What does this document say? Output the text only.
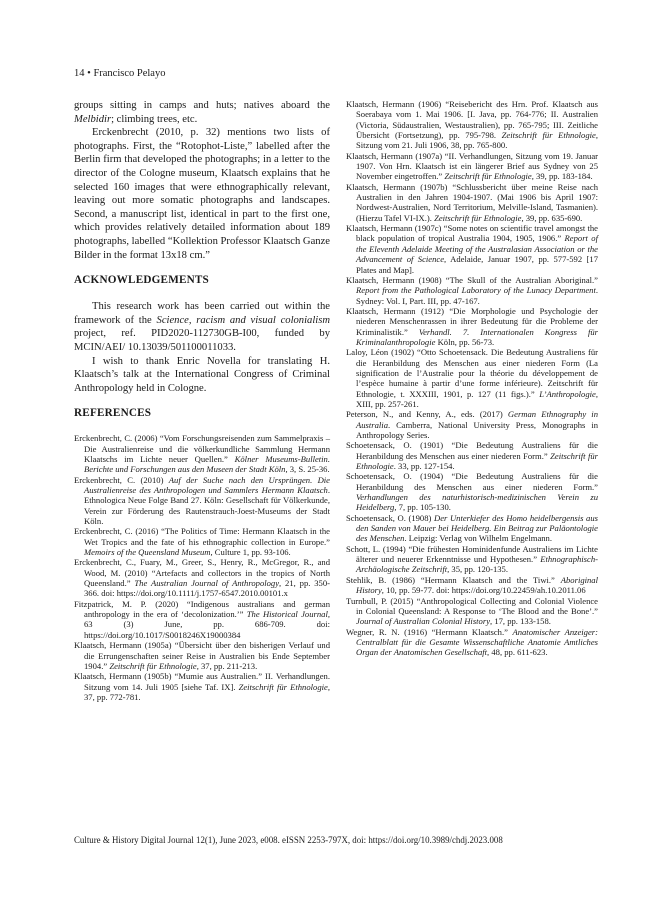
14 • Francisco Pelayo

groups sitting in camps and huts; natives aboard the Melbidir; climbing trees, etc.

Erckenbrecht (2010, p. 32) mentions two lists of photographs. First, the “Rotophot-Liste,” labelled after the Berlin firm that developed the photographs; in a letter to the director of the Cologne museum, Klaatsch explains that he selected 160 images that were ethnographically relevant, leaving out more somatic photographs and landscapes. Second, a manuscript list, identical in part to the first one, which provides relatively detailed information about 189 photographs, labelled “Kollektion Professor Klaatsch Ganze Bilder in the format 13x18 cm.”

ACKNOWLEDGEMENTS

This research work has been carried out within the framework of the Science, racism and visual colonialism project, ref. PID2020-112730GB-I00, funded by MCIN/AEI/ 10.13039/501100011033.

I wish to thank Enric Novella for translating H. Klaatsch’s talk at the International Congress of Criminal Anthropology held in Cologne.

REFERENCES

Erckenbrecht, C. (2006) “Vom Forschungsreisenden zum Sammelpraxis – Die Australienreise und die völkerkundliche Sammlung Hermann Klaatschs im Lichte neuer Quellen.” Kölner Museums-Bulletin. Berichte und Forschungen aus den Museen der Stadt Köln, 3, S. 25-36.

Erckenbrecht, C. (2010) Auf der Suche nach den Ursprüngen. Die Australienreise des Anthropologen und Sammlers Hermann Klaatsch. Ethnologica Neue Folge Band 27. Köln: Gesellschaft für Völkerkunde, Verein zur Förderung des Rautenstrauch-Joest-Museums der Stadt Köln.

Erckenbrecht, C. (2016) “The Politics of Time: Hermann Klaatsch in the Wet Tropics and the fate of his ethnographic collection in Europe.” Memoirs of the Queensland Museum, Culture 1, pp. 93-106.

Erckenbrecht, C., Fuary, M., Greer, S., Henry, R., McGregor, R., and Wood, M. (2010) “Artefacts and collectors in the tropics of North Queensland.” The Australian Journal of Anthropology, 21, pp. 350-366. doi: https://doi.org/10.1111/j.1757-6547.2010.00101.x

Fitzpatrick, M. P. (2020) “Indigenous australians and german anthropology in the era of ‘decolonization.’” The Historical Journal, 63 (3) June, pp. 686-709. doi: https://doi.org/10.1017/S0018246X19000384

Klaatsch, Hermann (1905a) “Übersicht über den bisherigen Verlauf und die Errungenschaften seiner Reise in Australien bis Ende September 1904.” Zeitschrift für Ethnologie, 37, pp. 211-213.

Klaatsch, Hermann (1905b) “Mumie aus Australien.” II. Verhandlungen. Sitzung vom 14. Juli 1905 [siehe Taf. IX]. Zeitschrift für Ethnologie, 37, pp. 772-781.

Klaatsch, Hermann (1906) “Reisebericht des Hrn. Prof. Klaatsch aus Soerabaya vom 1. Mai 1906. [I. Java, pp. 764-776; II. Australien (Victoria, Südaustralien, Westaustralien), pp. 765-795; III. Zeitliche Übersicht (Fortsetzung), pp. 795-798. Zeitschrift für Ethnologie, Sitzung vom 21. Juli 1906, 38, pp. 765-800.

Klaatsch, Hermann (1907a) “II. Verhandlungen, Sitzung vom 19. Januar 1907. Von Hrn. Klaatsch ist ein längerer Brief aus Sydney von 25 November eingetroffen.” Zeitschrift für Ethnologie, 39, pp. 183-184.

Klaatsch, Hermann (1907b) “Schlussbericht über meine Reise nach Australien in den Jahren 1904-1907. (Mai 1906 bis April 1907: Nordwest-Australien, Nord Territorium, Melville-Island, Tasmanien). (Hierzu Tafel VI-IX.). Zeitschrift für Ethnologie, 39, pp. 635-690.

Klaatsch, Hermann (1907c) “Some notes on scientific travel amongst the black population of tropical Australia 1904, 1905, 1906.” Report of the Eleventh Adelaide Meeting of the Australasian Association or the Advancement of Science, Adelaide, Januar 1907, pp. 577-592 [17 Plates and Map].

Klaatsch, Hermann (1908) “The Skull of the Australian Aboriginal.” Report from the Pathological Laboratory of the Lunacy Department. Sydney: Vol. I, Part. III, pp. 47-167.

Klaatsch, Hermann (1912) “Die Morphologie und Psychologie der niederen Menschenrassen in ihrer Bedeutung für die Probleme der Kriminalistik.” Verhandl. 7. Internationalen Kongress für Kriminalanthropologie Köln, pp. 56-73.

Laloy, Léon (1902) “Otto Schoetensack. Die Bedeutung Australiens für die Heranbildung des Menschen aus einer niederen Form (La signification de l’Australie pour la théorie du développement de l’espèce humaine à partir d’une forme inférieure). Zeitschrift für Ethnologie, t. XXXIII, 1901, p. 127 (11 figs.).” L’Anthropologie, XIII, pp. 257-261.

Peterson, N., and Kenny, A., eds. (2017) German Ethnography in Australia. Camberra, National University Press, Monographs in Anthropology Series.

Schoetensack, O. (1901) “Die Bedeutung Australiens für die Heranbildung des Menschen aus einer niederen Form.” Zeitschrift für Ethnologie. 33, pp. 127-154.

Schoetensack, O. (1904) “Die Bedeutung Australiens für die Heranbildung des Menschen aus einer niederen Form.” Verhandlungen des naturhistorisch-medizinischen Verein zu Heidelberg, 7, pp. 105-130.

Schoetensack, O. (1908) Der Unterkiefer des Homo heidelbergensis aus den Sanden von Mauer bei Heidelberg. Ein Beitrag zur Paläontologie des Menschen. Leipzig: Verlag von Wilhelm Engelmann.

Schott, L. (1994) “Die frühesten Hominidenfunde Australiens im Lichte älterer und neuerer Erkenntnisse und Hypothesen.” Ethnographisch-Archäologische Zeitschrift, 35, pp. 120-135.

Stehlik, B. (1986) “Hermann Klaatsch and the Tiwi.” Aboriginal History, 10, pp. 59-77. doi: https://doi.org/10.22459/ah.10.2011.06

Turnbull, P. (2015) “Anthropological Collecting and Colonial Violence in Colonial Queensland: A Response to ‘The Blood and the Bone’.” Journal of Australian Colonial History, 17, pp. 133-158.

Wegner, R. N. (1916) “Hermann Klaatsch.” Anatomischer Anzeiger: Centralblatt für die Gesamte Wissenschaftliche Anatomie Amtliches Organ der Anatomischen Gesellschaft, 48, pp. 611-623.

Culture & History Digital Journal 12(1), June 2023, e008. eISSN 2253-797X, doi: https://doi.org/10.3989/chdj.2023.008
